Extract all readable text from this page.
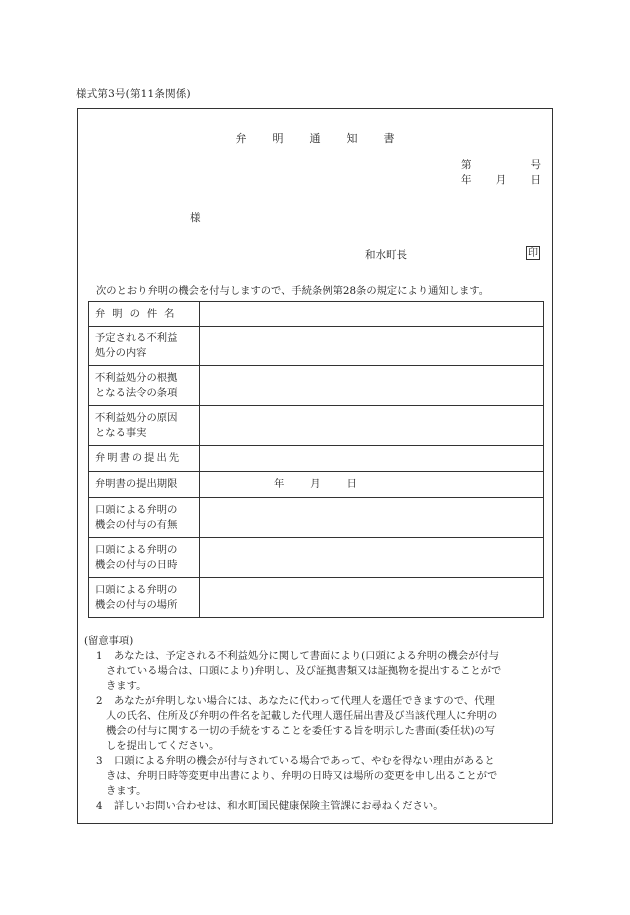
様式第3号(第11条関係)
弁明通知書
第	号
年 月 日
様
和水町長	印
次のとおり弁明の機会を付与しますので、手続条例第28条の規定により通知します。
弁明の件名	

予定される不利益
処分の内容	

不利益処分の根拠
となる法令の条項	

不利益処分の原因
となる事実	

弁明書の提出先	

弁明書の提出期限	年 月 日

口頭による弁明の
機会の付与の有無	

口頭による弁明の
機会の付与の日時	

口頭による弁明の
機会の付与の場所	

(留意事項)
1	あなたは、予定される不利益処分に関して書面により(口頭による弁明の機会が付与
されている場合は、口頭により)弁明し、及び証拠書類又は証拠物を提出することがで
きます。
2	あなたが弁明しない場合には、あなたに代わって代理人を選任できますので、代理
人の氏名、住所及び弁明の件名を記載した代理人選任届出書及び当該代理人に弁明の
機会の付与に関する一切の手続をすることを委任する旨を明示した書面(委任状)の写
しを提出してください。
3	口頭による弁明の機会が付与されている場合であって、やむを得ない理由があると
きは、弁明日時等変更申出書により、弁明の日時又は場所の変更を申し出ることがで
きます。
4	詳しいお問い合わせは、和水町国民健康保険主管課にお尋ねください。
